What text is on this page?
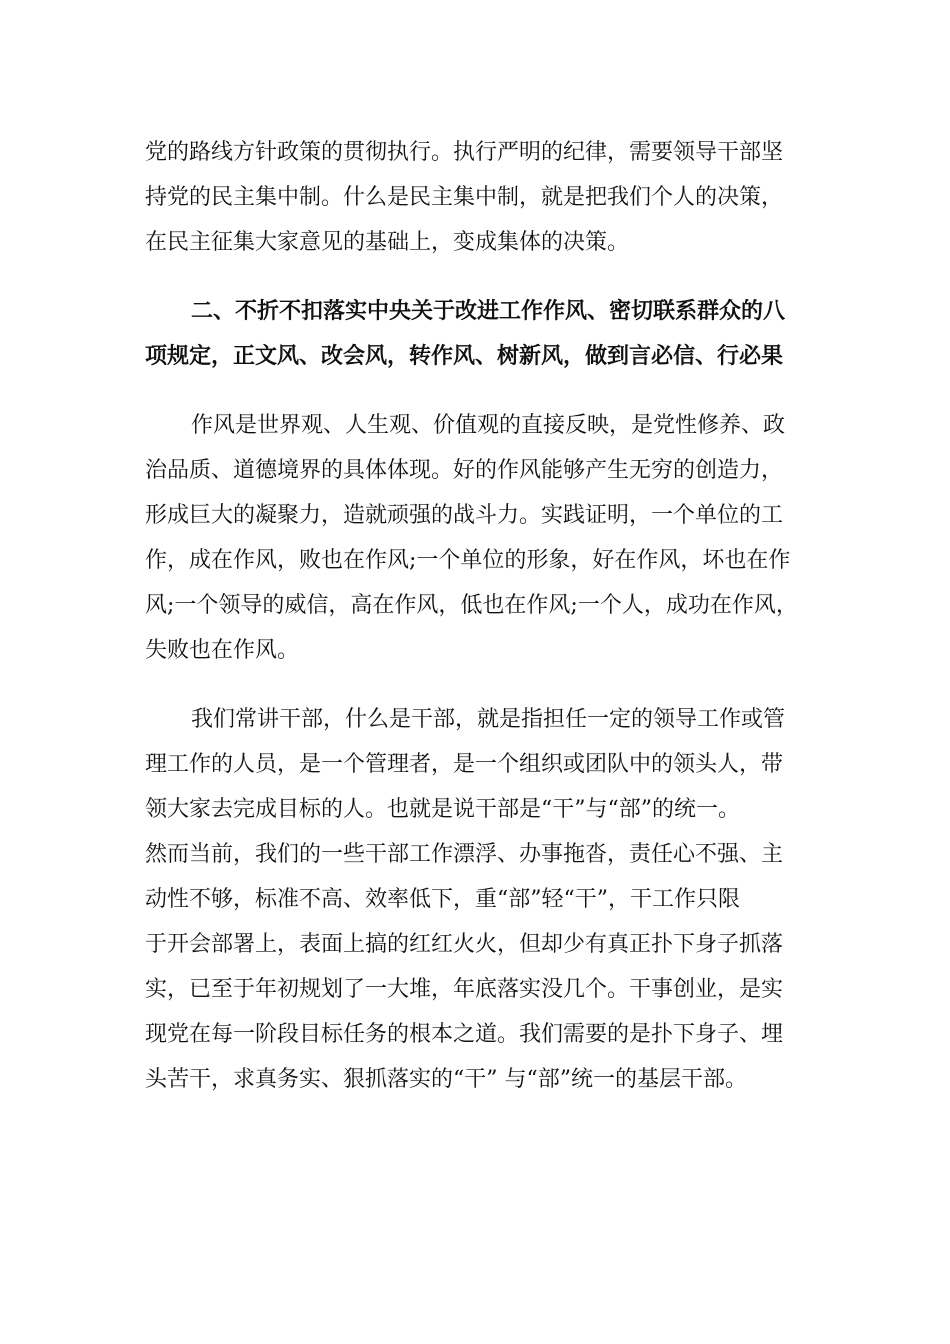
党的路线方针政策的贯彻执行。执行严明的纪律，需要领导干部坚
持党的民主集中制。什么是民主集中制，就是把我们个人的决策，
在民主征集大家意见的基础上，变成集体的决策。
二、不折不扣落实中央关于改进工作作风、密切联系群众的八
项规定，正文风、改会风，转作风、树新风，做到言必信、行必果
作风是世界观、人生观、价值观的直接反映，是党性修养、政
治品质、道德境界的具体体现。好的作风能够产生无穷的创造力，
形成巨大的凝聚力，造就顽强的战斗力。实践证明，一个单位的工
作，成在作风，败也在作风;一个单位的形象，好在作风，坏也在作
风;一个领导的威信，高在作风，低也在作风;一个人，成功在作风，
失败也在作风。
我们常讲干部，什么是干部，就是指担任一定的领导工作或管
理工作的人员，是一个管理者，是一个组织或团队中的领头人，带
领大家去完成目标的人。也就是说干部是“干”与“部”的统一。
然而当前，我们的一些干部工作漂浮、办事拖沓，责任心不强、主
动性不够，标准不高、效率低下，重“部”轻“干”，干工作只限
于开会部署上，表面上搞的红红火火，但却少有真正扑下身子抓落
实，已至于年初规划了一大堆，年底落实没几个。干事创业，是实
现党在每一阶段目标任务的根本之道。我们需要的是扑下身子、埋
头苦干，求真务实、狠抓落实的“干” 与“部”统一的基层干部。
